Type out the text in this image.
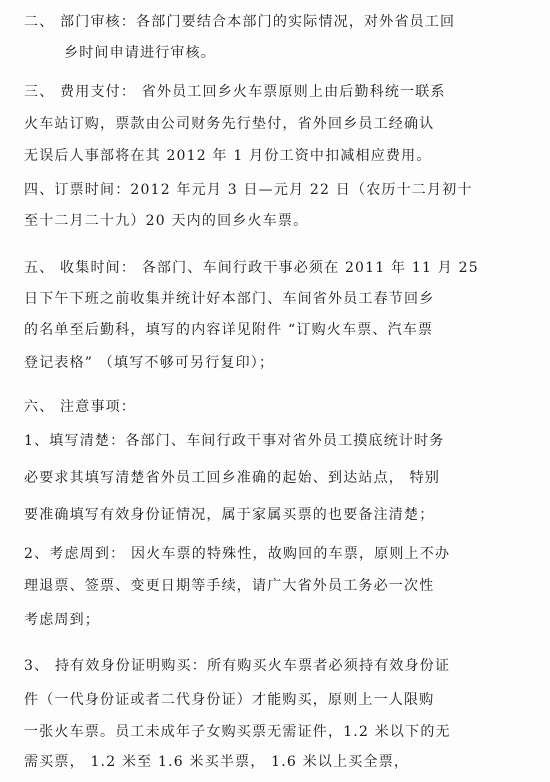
二、 部门审核：各部门要结合本部门的实际情况，对外省员工回
乡时间申请进行审核。
三、 费用支付： 省外员工回乡火车票原则上由后勤科统一联系
火车站订购，票款由公司财务先行垫付，省外回乡员工经确认
无误后人事部将在其 2012 年 1 月份工资中扣减相应费用。
四、订票时间：2012 年元月 3 日—元月 22 日（农历十二月初十
至十二月二十九）20 天内的回乡火车票。
五、 收集时间： 各部门、车间行政干事必须在 2011 年 11 月 25
日下午下班之前收集并统计好本部门、车间省外员工春节回乡
的名单至后勤科，填写的内容详见附件 “订购火车票、汽车票
登记表格” （填写不够可另行复印）；
六、 注意事项：
1、填写清楚：各部门、车间行政干事对省外员工摸底统计时务
必要求其填写清楚省外员工回乡准确的起始、到达站点， 特别
要准确填写有效身份证情况，属于家属买票的也要备注清楚；
2、考虑周到： 因火车票的特殊性，故购回的车票，原则上不办
理退票、签票、变更日期等手续，请广大省外员工务必一次性
考虑周到；
3、 持有效身份证明购买：所有购买火车票者必须持有效身份证
件（一代身份证或者二代身份证）才能购买，原则上一人限购
一张火车票。员工未成年子女购买票无需证件，1.2 米以下的无
需买票， 1.2 米至 1.6 米买半票， 1.6 米以上买全票，
